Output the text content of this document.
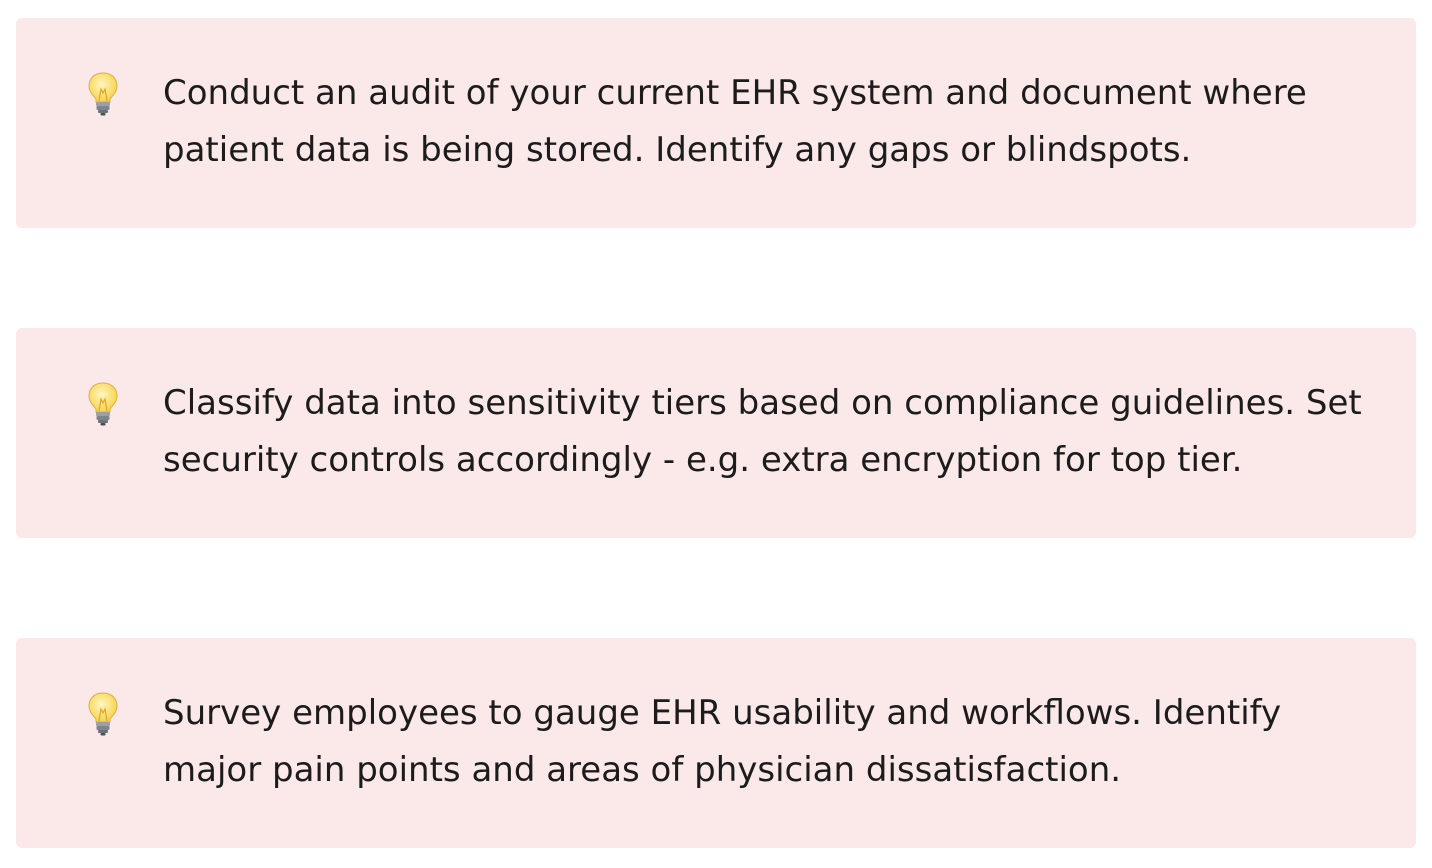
Conduct an audit of your current EHR system and document where patient data is being stored. Identify any gaps or blindspots.

Classify data into sensitivity tiers based on compliance guidelines. Set security controls accordingly - e.g. extra encryption for top tier.

Survey employees to gauge EHR usability and workflows. Identify major pain points and areas of physician dissatisfaction.
